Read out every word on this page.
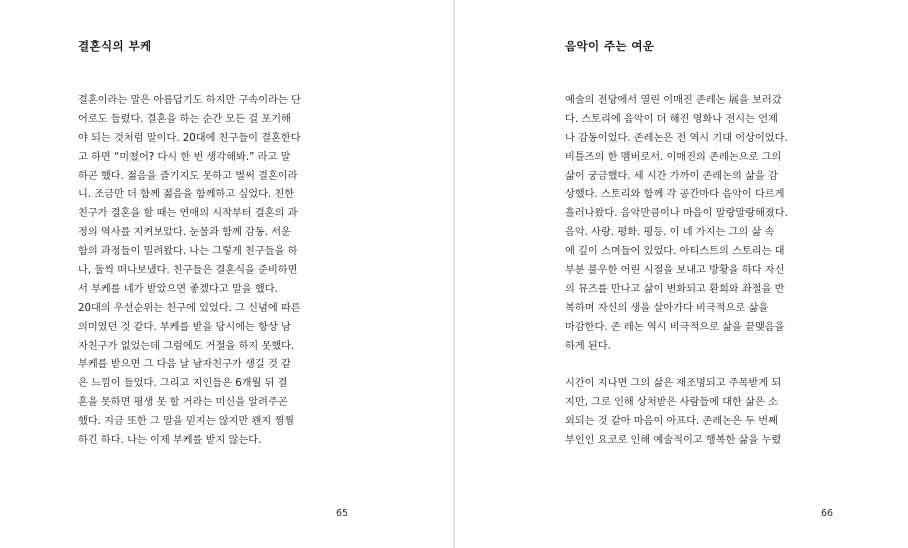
결혼식의 부케
결혼이라는 말은 아름답기도 하지만 구속이라는 단
어로도 들렸다. 결혼을 하는 순간 모든 걸 포기해
야 되는 것처럼 말이다. 20대에 친구들이 결혼한다
고 하면 “미쳤어? 다시 한 번 생각해봐.” 라고 말
하곤 했다. 젊음을 즐기지도 못하고 벌써 결혼이라
니. 조금만 더 함께 젊음을 함께하고 싶었다. 친한
친구가 결혼을 할 때는 연애의 시작부터 결혼의 과
정의 역사를 지켜보았다. 눈물과 함께 감동. 서운
함의 과정들이 밀려왔다. 나는 그렇게 친구들을 하
나, 둘씩 떠나보냈다. 친구들은 결혼식을 준비하면
서 부케를 네가 받았으면 좋겠다고 말을 했다.
20대의 우선순위는 친구에 있었다. 그 신념에 따른
의미였던 것 같다. 부케를 받을 당시에는 항상 남
자친구가 없었는데 그럼에도 거절을 하지 못했다.
부케를 받으면 그 다음 날 남자친구가 생길 것 같
은 느낌이 들었다. 그리고 지인들은 6개월 뒤 결
혼을 못하면 평생 못 할 거라는 미신을 알려주곤
했다. 지금 또한 그 말을 믿지는 않지만 왠지 찜찜
하긴 하다. 나는 이제 부케를 받지 않는다.
65
음악이 주는 여운
예술의 전당에서 열린 이매진 존레논 展을 보러갔
다. 스토리에 음악이 더 해진 영화나 전시는 언제
나 감동이었다. 존레논은 전 역시 기대 이상이었다.
비틀즈의 한 멤버로서. 이매진의 존레논으로 그의
삶이 궁금했다. 세 시간 가까이 존레논의 삶을 감
상했다. 스토리와 함께 각 공간마다 음악이 다르게
흘러나왔다. 음악만큼이나 마음이 말랑말랑해졌다.
음악. 사랑. 평화. 평등. 이 네 가지는 그의 삶 속
에 깊이 스며들어 있었다. 아티스트의 스토리는 대
부분 불우한 어린 시절을 보내고 방황을 하다 자신
의 뮤즈를 만나고 삶이 변화되고 환희와 좌절을 반
복하며 자신의 생을 살아가다 비극적으로 삶을
마감한다. 존 레논 역시 비극적으로 삶을 끝맺음을
하게 된다.
시간이 지나면 그의 삶은 재조명되고 주목받게 되
지만, 그로 인해 상처받은 사람들에 대한 삶은 소
외되는 것 같아 마음이 아프다. 존레논은 두 번째
부인인 요코로 인해 예술적이고 행복한 삶을 누렸
66
